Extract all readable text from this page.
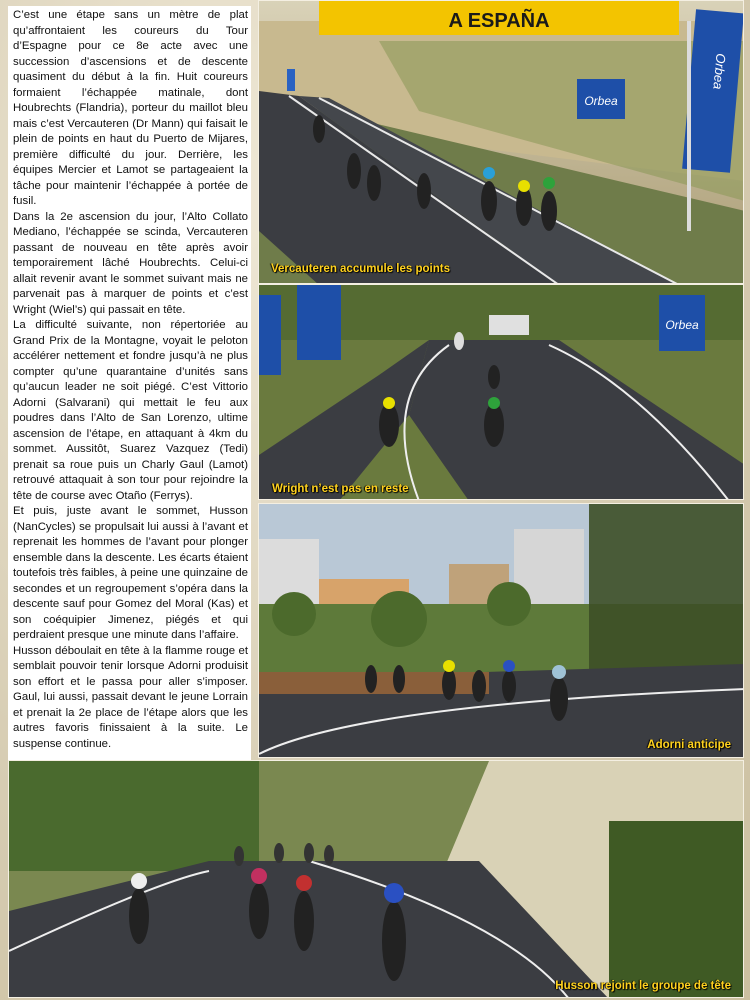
C’est une étape sans un mètre de plat qu’affrontaient les coureurs du Tour d’Espagne pour ce 8e acte avec une succession d’ascensions et de descente quasiment du début à la fin. Huit coureurs formaient l’échappée matinale, dont Houbrechts (Flandria), porteur du maillot bleu mais c’est Vercauteren (Dr Mann) qui faisait le plein de points en haut du Puerto de Mijares, première difficulté du jour. Derrière, les équipes Mercier et Lamot se partageaient la tâche pour maintenir l’échappée à portée de fusil.

Dans la 2e ascension du jour, l’Alto Collato Mediano, l’échappée se scinda, Vercauteren passant de nouveau en tête après avoir temporairement lâché Houbrechts. Celui-ci allait revenir avant le sommet suivant mais ne parvenait pas à marquer de points et c’est Wright (Wiel’s) qui passait en tête.

La difficulté suivante, non répertoriée au Grand Prix de la Montagne, voyait le peloton accélérer nettement et fondre jusqu’à ne plus compter qu’une quarantaine d’unités sans qu’aucun leader ne soit piégé. C’est Vittorio Adorni (Salvarani) qui mettait le feu aux poudres dans l’Alto de San Lorenzo, ultime ascension de l’étape, en attaquant à 4km du sommet. Aussitôt, Suarez Vazquez (Tedi) prenait sa roue puis un Charly Gaul (Lamot) retrouvé attaquait à son tour pour rejoindre la tête de course avec Otaño (Ferrys).

Et puis, juste avant le sommet, Husson (NanCycles) se propulsait lui aussi à l’avant et reprenait les hommes de l’avant pour plonger ensemble dans la descente. Les écarts étaient toutefois très faibles, à peine une quinzaine de secondes et un regroupement s’opéra dans la descente sauf pour Gomez del Moral (Kas) et son coéquipier Jimenez, piégés et qui perdraient presque une minute dans l’affaire.

Husson déboulait en tête à la flamme rouge et semblait pouvoir tenir lorsque Adorni produisit son effort et le passa pour aller s’imposer. Gaul, lui aussi, passait devant le jeune Lorrain et prenait la 2e place de l’étape alors que les autres favoris finissaient à la suite. Le suspense continue.

A ESPAÑA
Orbea
Orbea
Vercauteren accumule les points
Orbea
Wright n’est pas en reste
Adorni anticipe
Husson rejoint le groupe de tête
